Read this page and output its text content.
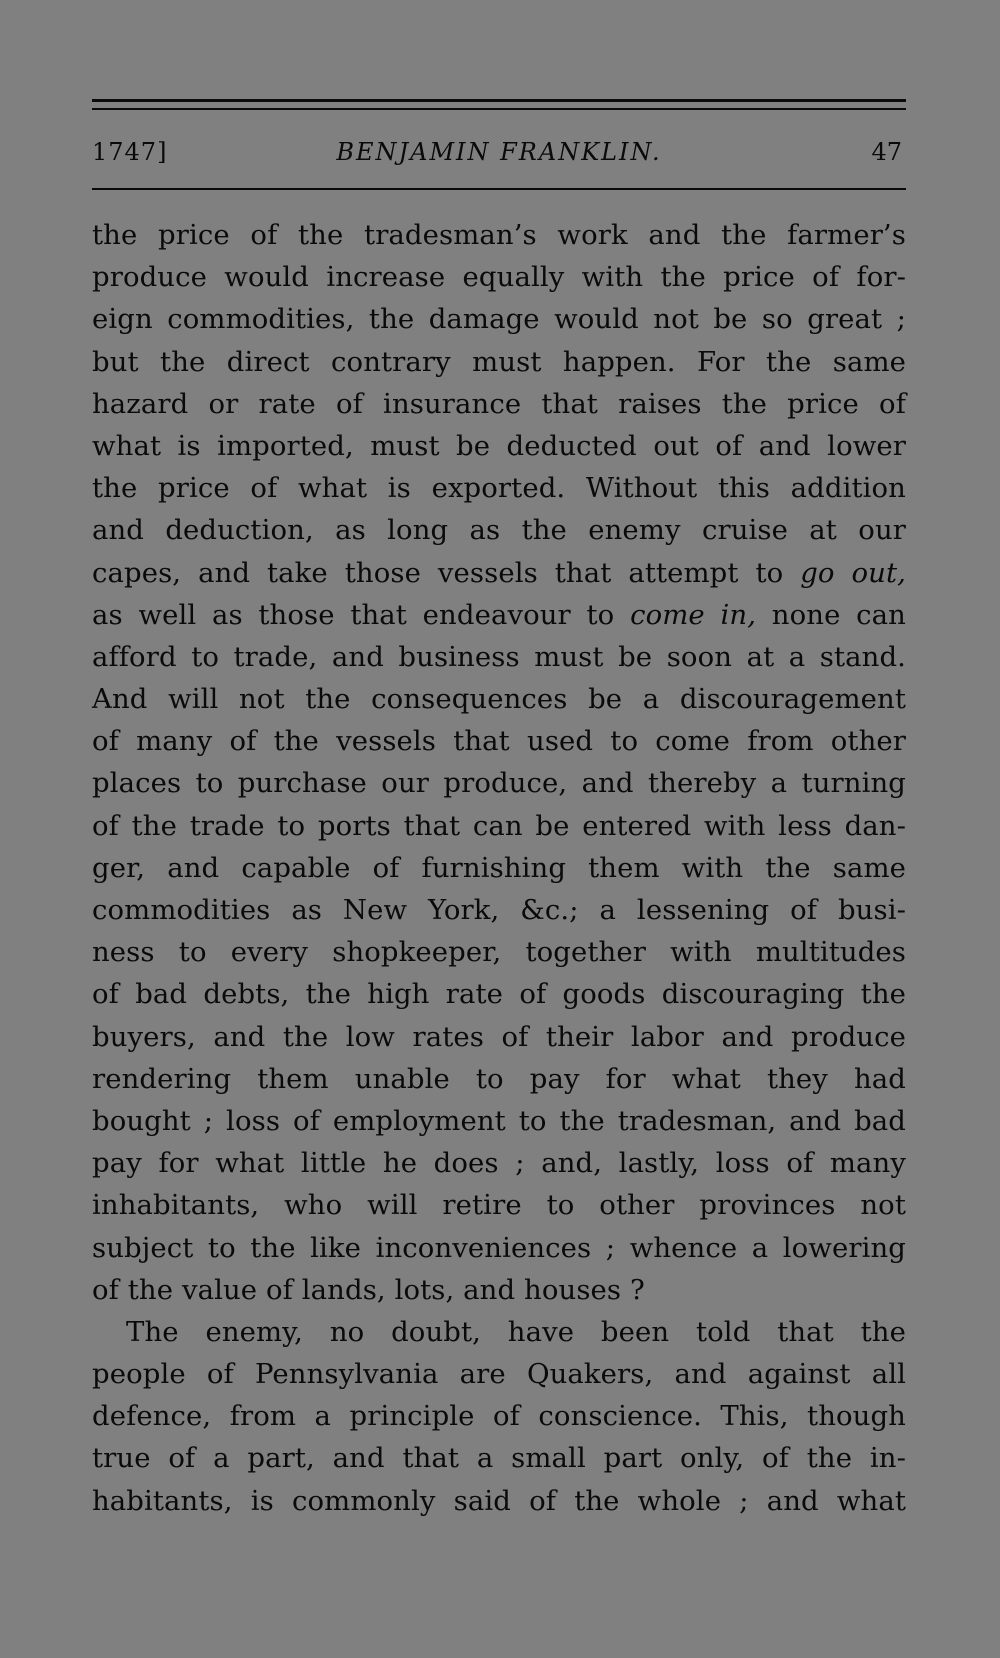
1747]	BENJAMIN FRANKLIN.	47
the price of the tradesman’s work and the farmer’s
produce would increase equally with the price of for-
eign commodities, the damage would not be so great ;
but the direct contrary must happen. For the same
hazard or rate of insurance that raises the price of
what is imported, must be deducted out of and lower
the price of what is exported. Without this addition
and deduction, as long as the enemy cruise at our
capes, and take those vessels that attempt to go out,
as well as those that endeavour to come in, none can
afford to trade, and business must be soon at a stand.
And will not the consequences be a discouragement
of many of the vessels that used to come from other
places to purchase our produce, and thereby a turning
of the trade to ports that can be entered with less dan-
ger, and capable of furnishing them with the same
commodities as New York, &c.; a lessening of busi-
ness to every shopkeeper, together with multitudes
of bad debts, the high rate of goods discouraging the
buyers, and the low rates of their labor and produce
rendering them unable to pay for what they had
bought ; loss of employment to the tradesman, and bad
pay for what little he does ; and, lastly, loss of many
inhabitants, who will retire to other provinces not
subject to the like inconveniences ; whence a lowering
of the value of lands, lots, and houses ?
The enemy, no doubt, have been told that the
people of Pennsylvania are Quakers, and against all
defence, from a principle of conscience. This, though
true of a part, and that a small part only, of the in-
habitants, is commonly said of the whole ; and what
